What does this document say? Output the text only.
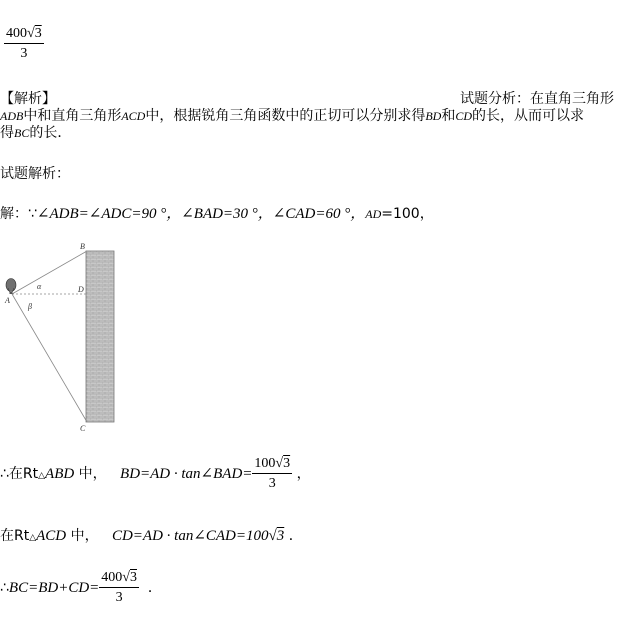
$\frac{400√3}{3}$
【解析】	试题分析：在直角三角形
ADB中和直角三角形ACD中，根据锐角三角函数中的正切可以分别求得BD和CD的长，从而可以求
得BC的长．
试题解析：
解：∵∠ADB=∠ADC=90 °，∠BAD=30 °，∠CAD=60 °，AD=100，
A
B
C
D
α
β
∴在Rt△ABD 中， BD=AD · tan∠BAD= $\frac{100√3}{3}$ ，
在Rt△ACD 中， CD=AD · tan∠CAD=100√3 ．
∴BC=BD+CD= $\frac{400√3}{3}$ ．
